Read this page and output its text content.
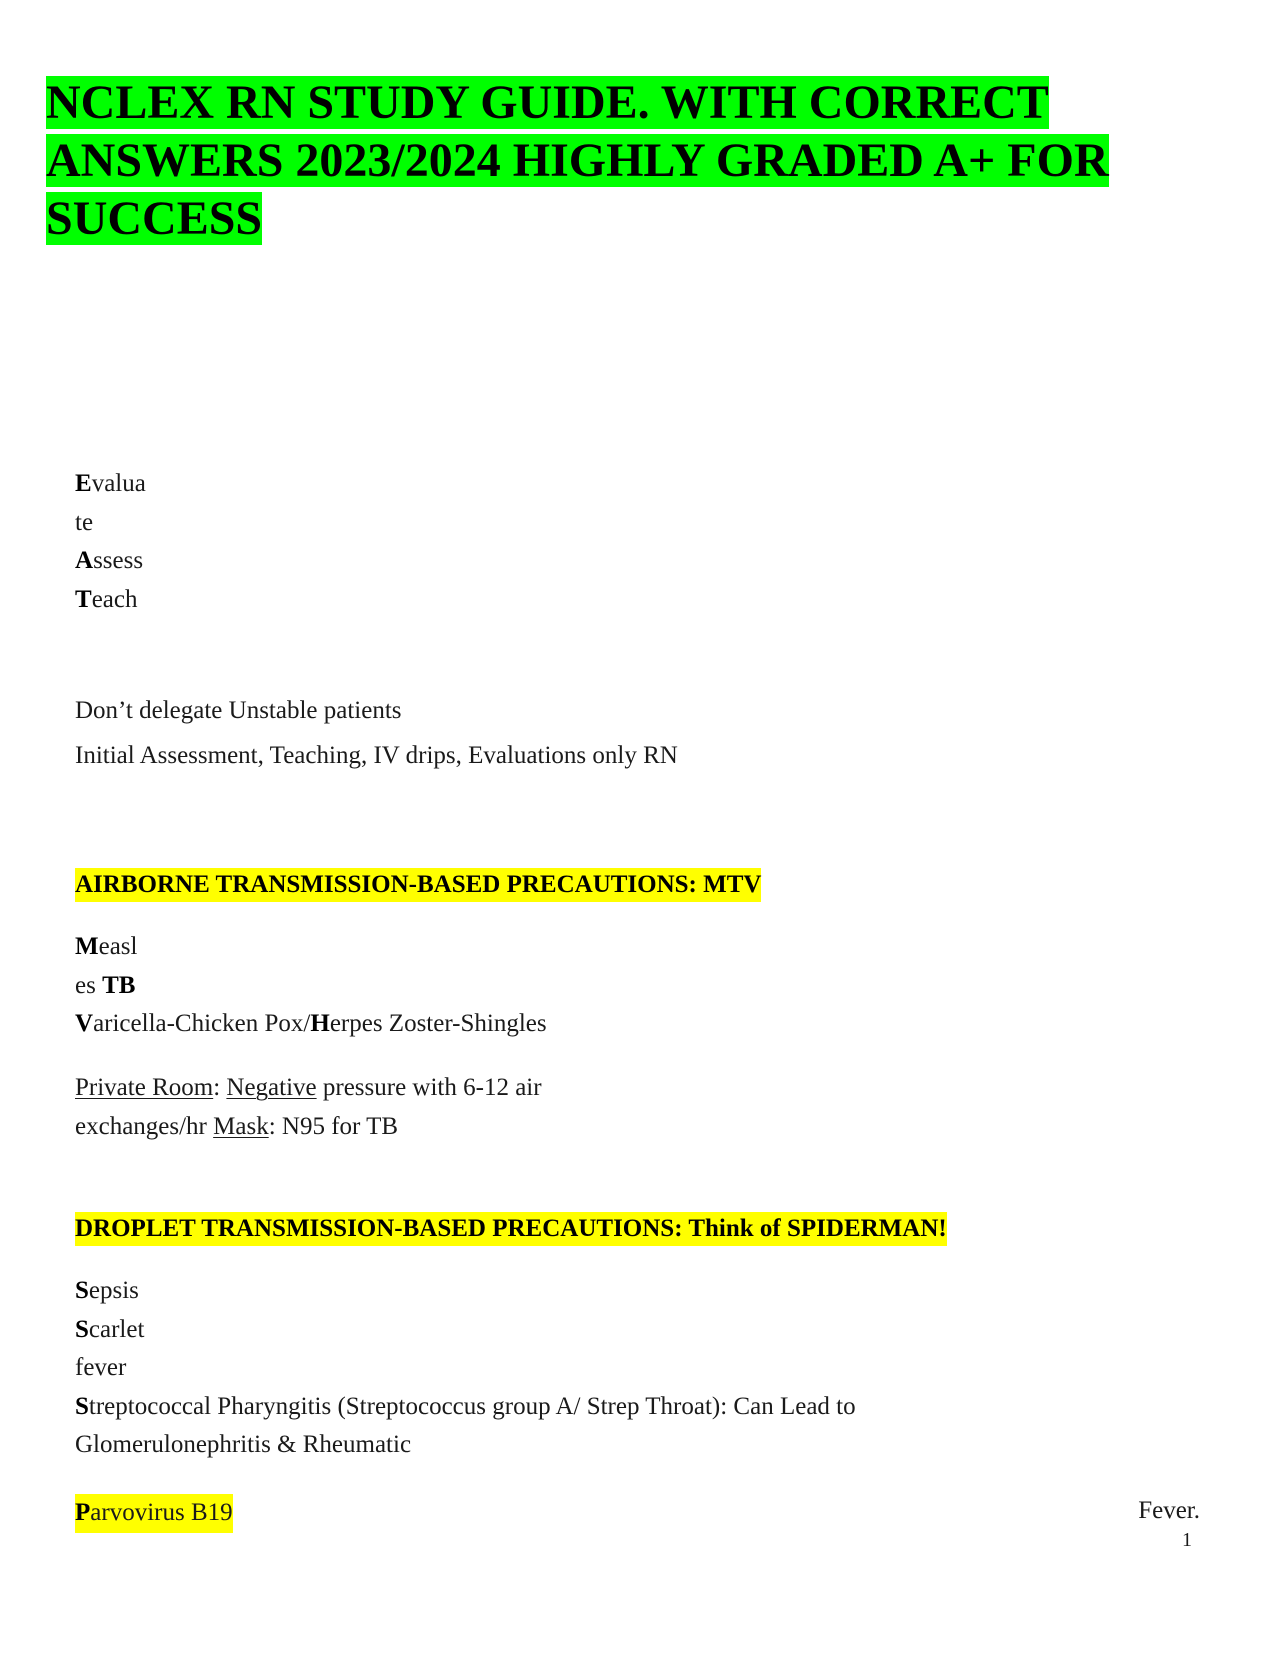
NCLEX RN STUDY GUIDE. WITH CORRECT
ANSWERS 2023/2024 HIGHLY GRADED A+ FOR
SUCCESS
Evalua
te
Assess
Teach
Don’t delegate Unstable patients
Initial Assessment, Teaching, IV drips, Evaluations only RN
AIRBORNE TRANSMISSION-BASED PRECAUTIONS: MTV
Measl
es TB
Varicella-Chicken Pox/Herpes Zoster-Shingles
Private Room: Negative pressure with 6-12 air
exchanges/hr Mask: N95 for TB
DROPLET TRANSMISSION-BASED PRECAUTIONS: Think of SPIDERMAN!
Sepsis
Scarlet
fever
Streptococcal Pharyngitis (Streptococcus group A/ Strep Throat): Can Lead to
Glomerulonephritis & Rheumatic
Parvovirus B19	Fever.
1
